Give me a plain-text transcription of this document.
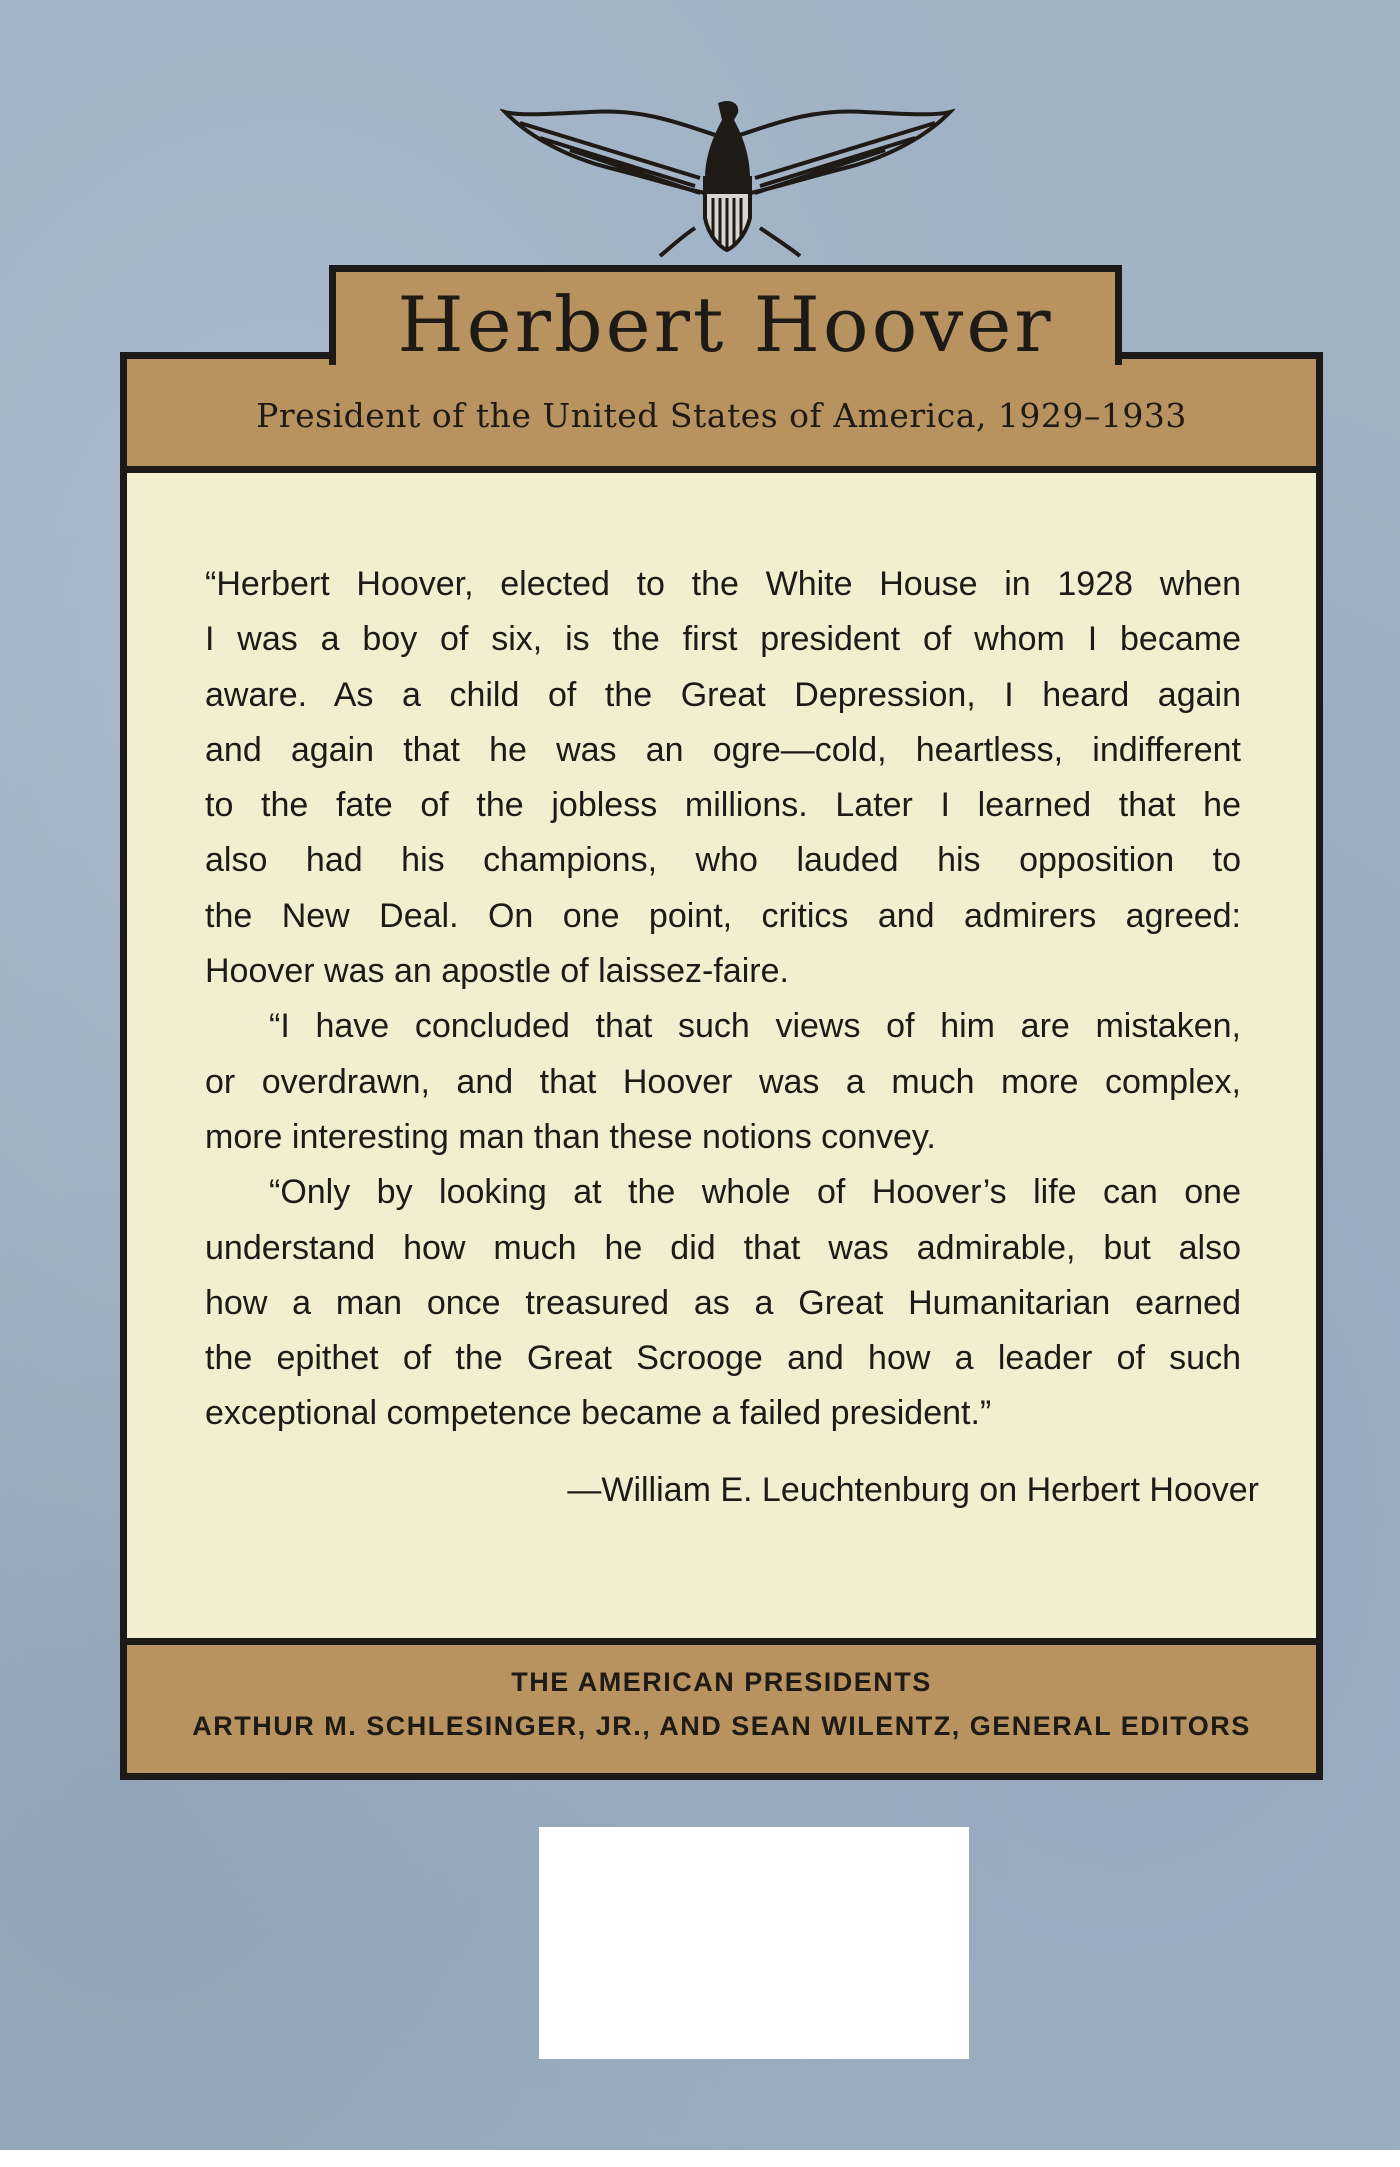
Herbert Hoover
President of the United States of America, 1929–1933
“Herbert Hoover, elected to the White House in 1928 when
I was a boy of six, is the first president of whom I became
aware. As a child of the Great Depression, I heard again
and again that he was an ogre—cold, heartless, indifferent
to the fate of the jobless millions. Later I learned that he
also had his champions, who lauded his opposition to
the New Deal. On one point, critics and admirers agreed:
Hoover was an apostle of laissez-faire.
“I have concluded that such views of him are mistaken,
or overdrawn, and that Hoover was a much more complex,
more interesting man than these notions convey.
“Only by looking at the whole of Hoover’s life can one
understand how much he did that was admirable, but also
how a man once treasured as a Great Humanitarian earned
the epithet of the Great Scrooge and how a leader of such
exceptional competence became a failed president.”
—William E. Leuchtenburg on Herbert Hoover
THE AMERICAN PRESIDENTS
ARTHUR M. SCHLESINGER, JR., AND SEAN WILENTZ, GENERAL EDITORS
